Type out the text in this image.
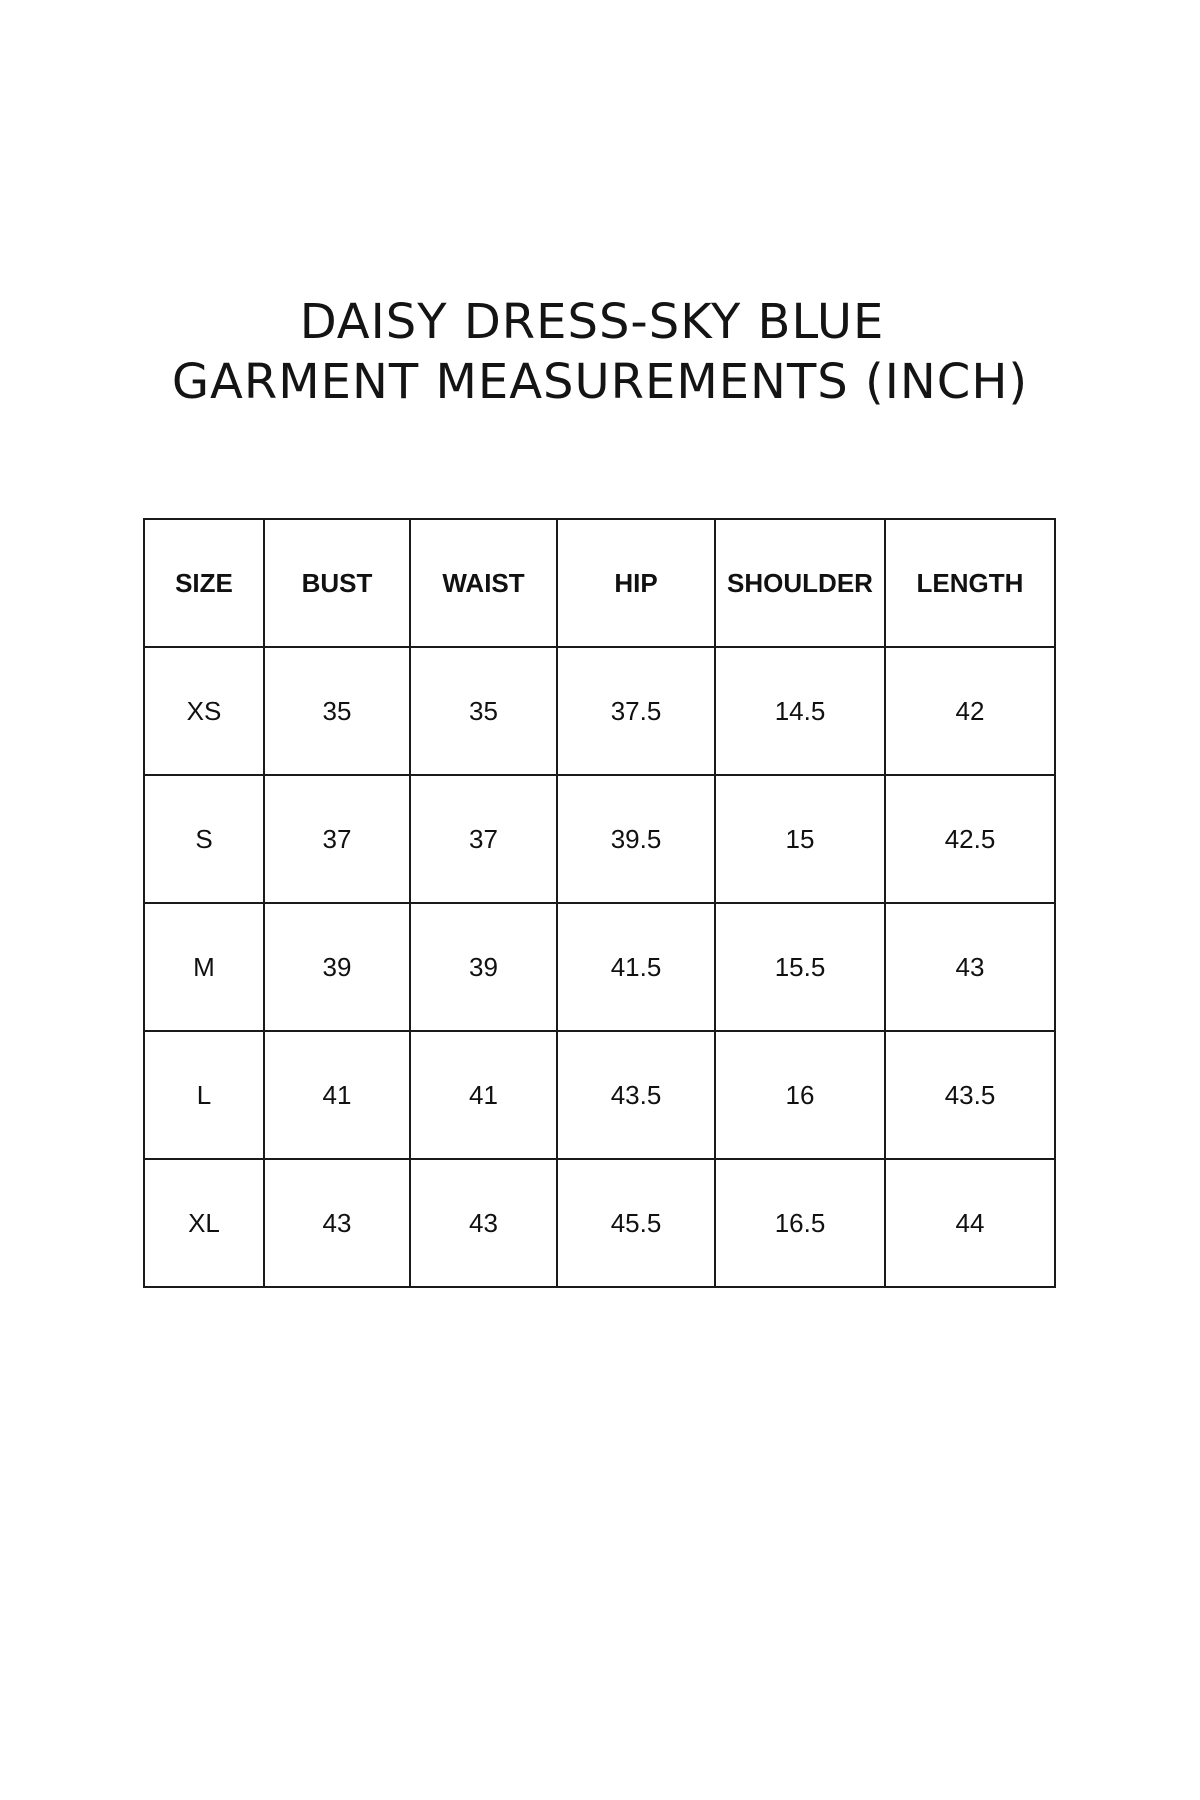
DAISY DRESS-SKY BLUE
GARMENT MEASUREMENTS (INCH)
SIZE	BUST	WAIST	HIP	SHOULDER	LENGTH
XS	35	35	37.5	14.5	42
S	37	37	39.5	15	42.5
M	39	39	41.5	15.5	43
L	41	41	43.5	16	43.5
XL	43	43	45.5	16.5	44
